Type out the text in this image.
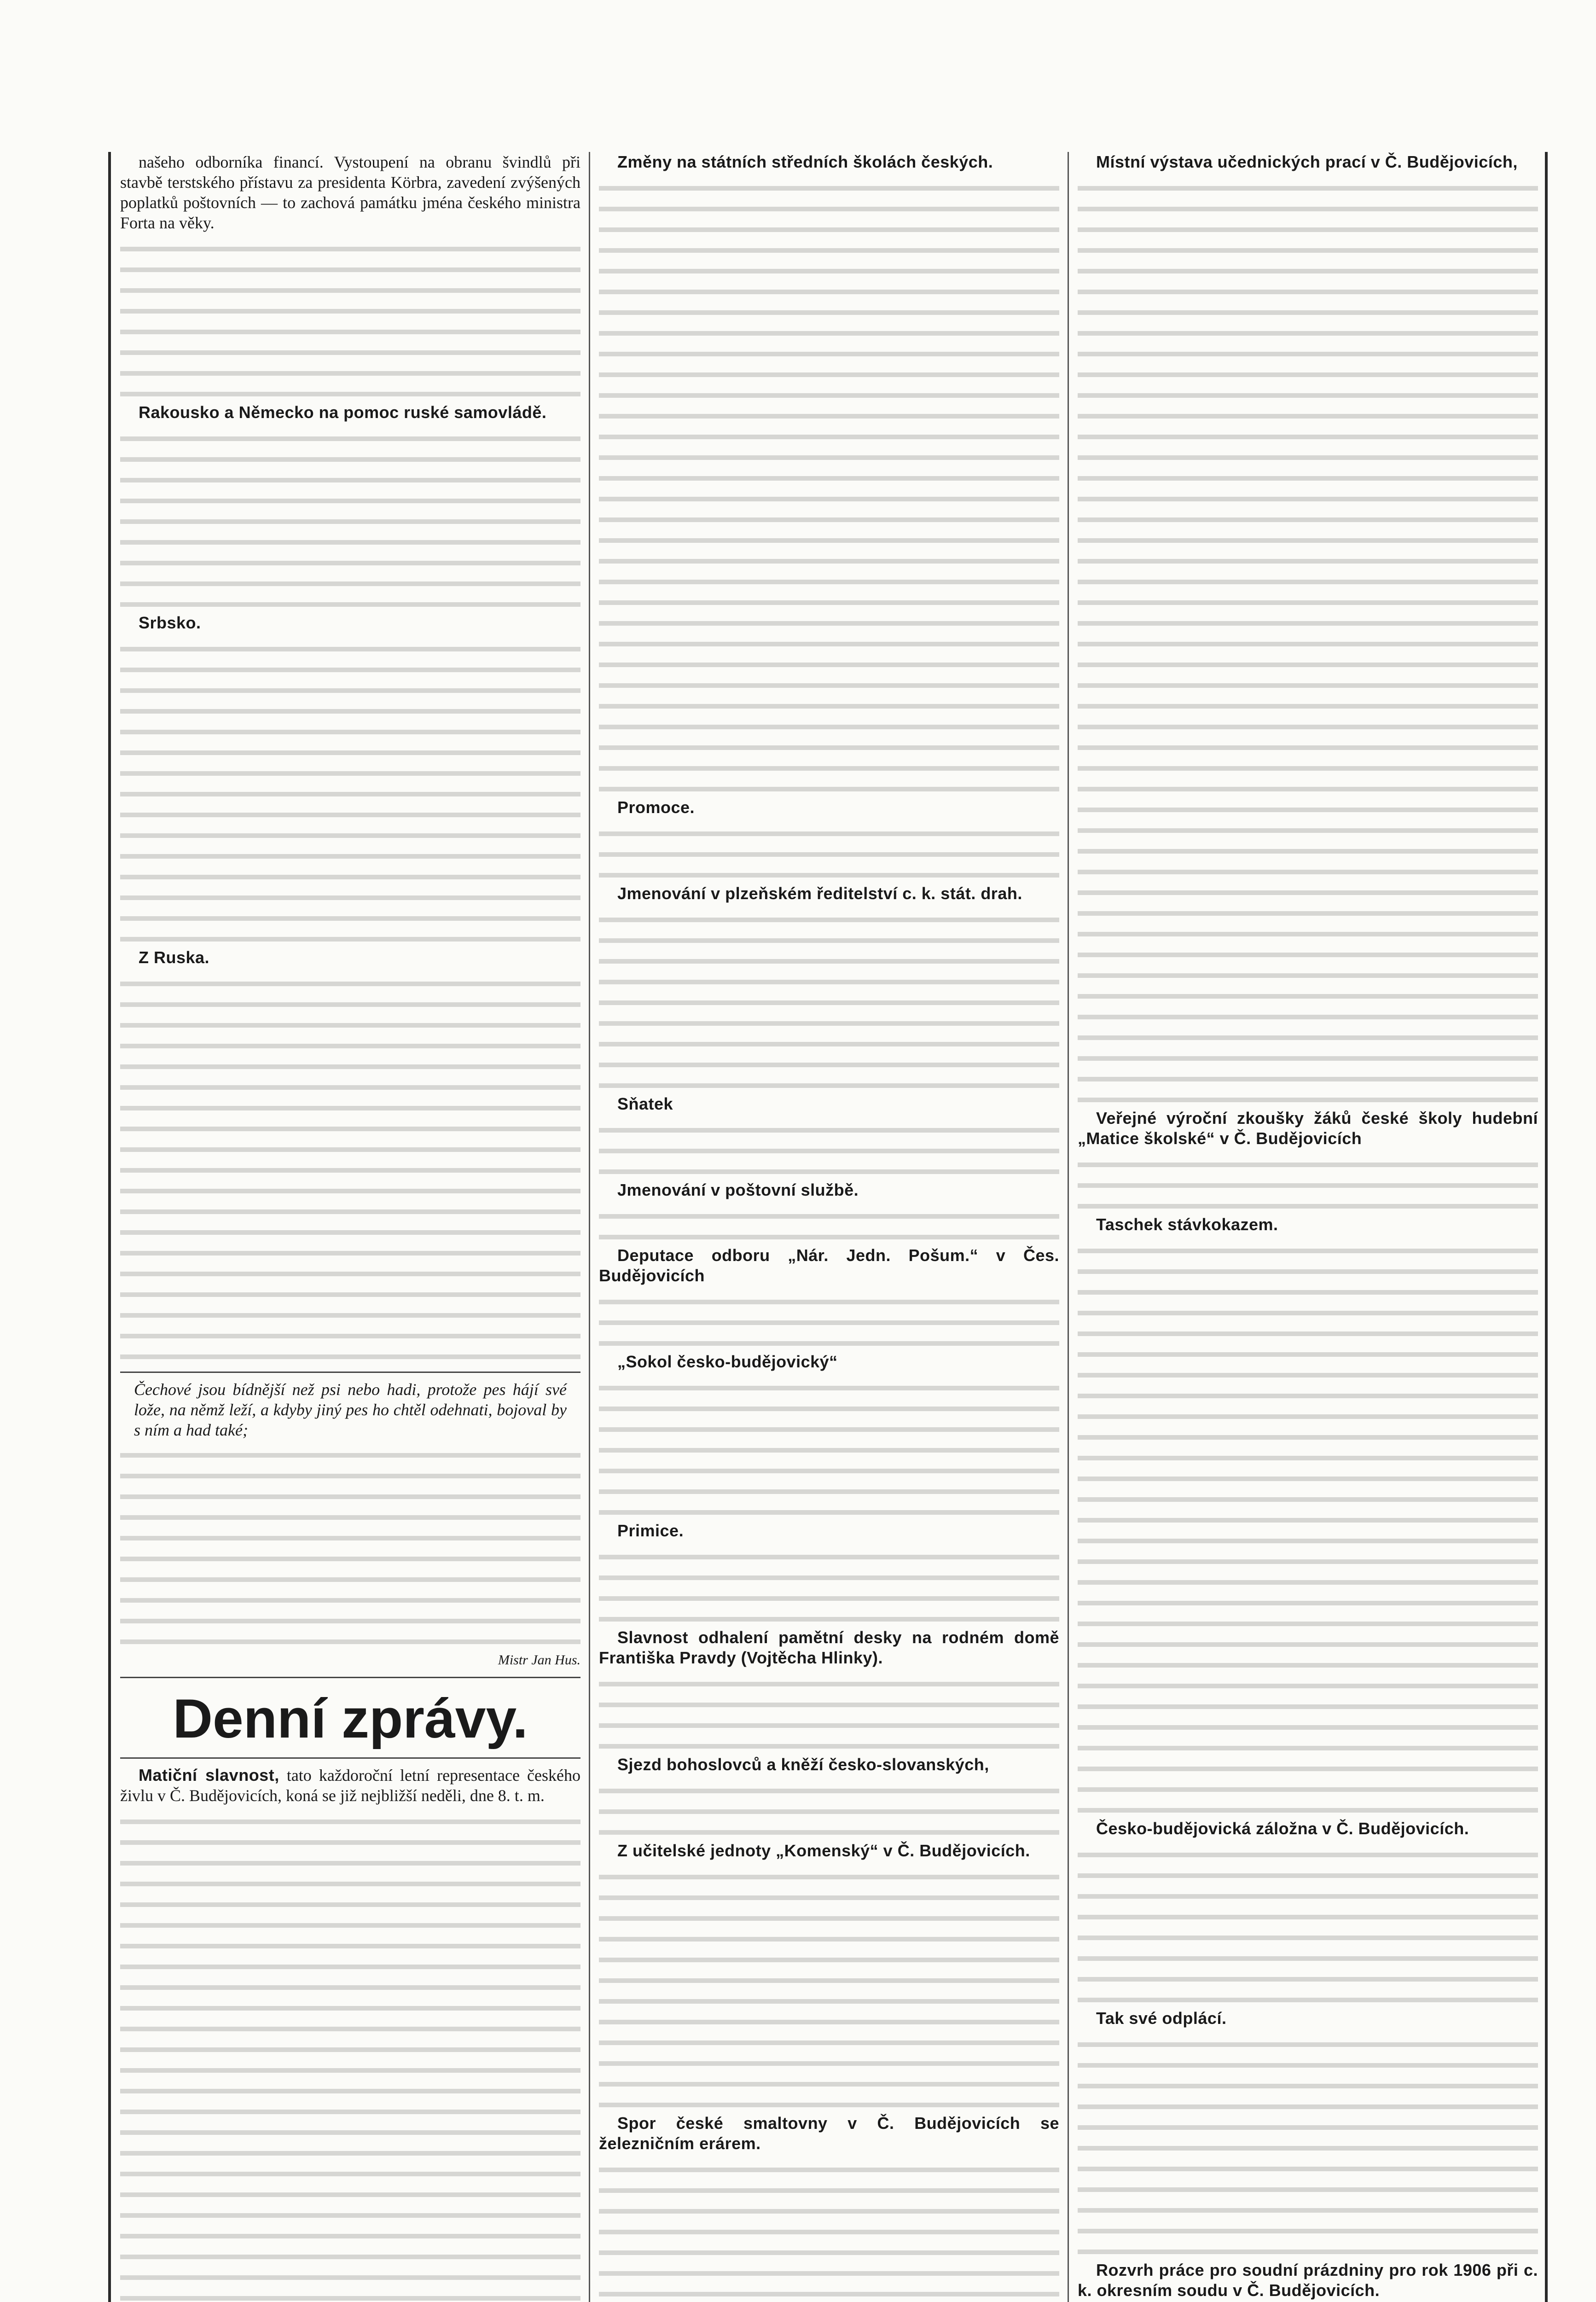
našeho odborníka financí. Vystoupení na obranu švindlů při stavbě terstského přístavu za presidenta Körbra, zavedení zvýšených poplatků poštovních — to zachová památku jména českého ministra Forta na věky.

Rakousko a Německo na pomoc ruské samovládě.

Srbsko.

Z Ruska.

Čechové jsou bídnější než psi nebo hadi, protože pes hájí své lože, na němž leží, a kdyby jiný pes ho chtěl odehnati, bojoval by s ním a had také;

Mistr Jan Hus.
Denní zprávy.

Matiční slavnost, tato každoroční letní representace českého živlu v Č. Budějovicích, koná se již nejbližší neděli, dne 8. t. m.

Změny na státních středních školách českých.

Promoce.

Jmenování v plzeňském ředitelství c. k. stát. drah.

Sňatek

Jmenování v poštovní službě.

Deputace odboru „Nár. Jedn. Pošum.“ v Čes. Budějovicích

„Sokol česko-budějovický“

Primice.

Slavnost odhalení pamětní desky na rodném domě Františka Pravdy (Vojtěcha Hlinky).

Sjezd bohoslovců a kněží česko-slovanských,

Z učitelské jednoty „Komenský“ v Č. Budějovicích.

Spor české smaltovny v Č. Budějovicích se železničním erárem.

Místní výstava učednických prací v Č. Budějovicích,

Veřejné výroční zkoušky žáků české školy hudební „Matice školské“ v Č. Budějovicích

Taschek stávkokazem.

Česko-budějovická záložna v Č. Budějovicích.

Tak své odplácí.

Rozvrh práce pro soudní prázdniny pro rok 1906 při c. k. okresním soudu v Č. Budějovicích.
